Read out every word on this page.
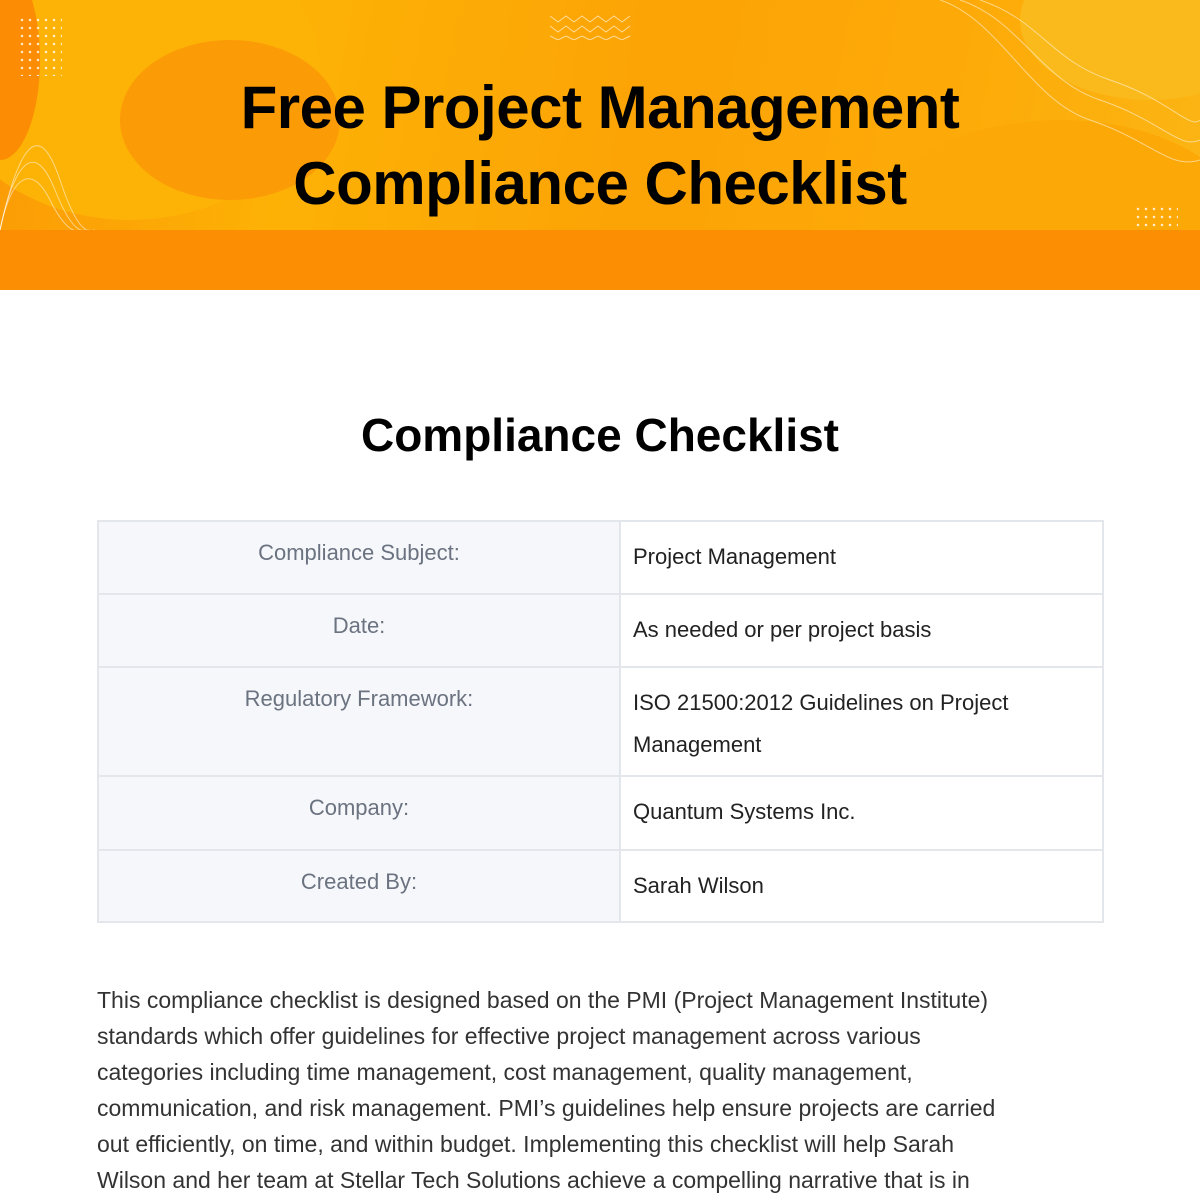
Free Project Management
Compliance Checklist
Compliance Checklist
Compliance Subject:	Project Management
Date:	As needed or per project basis
Regulatory Framework:	ISO 21500:2012 Guidelines on Project Management
Company:	Quantum Systems Inc.
Created By:	Sarah Wilson
This compliance checklist is designed based on the PMI (Project Management Institute)
standards which offer guidelines for effective project management across various
categories including time management, cost management, quality management,
communication, and risk management. PMI’s guidelines help ensure projects are carried
out efficiently, on time, and within budget. Implementing this checklist will help Sarah
Wilson and her team at Stellar Tech Solutions achieve a compelling narrative that is in
